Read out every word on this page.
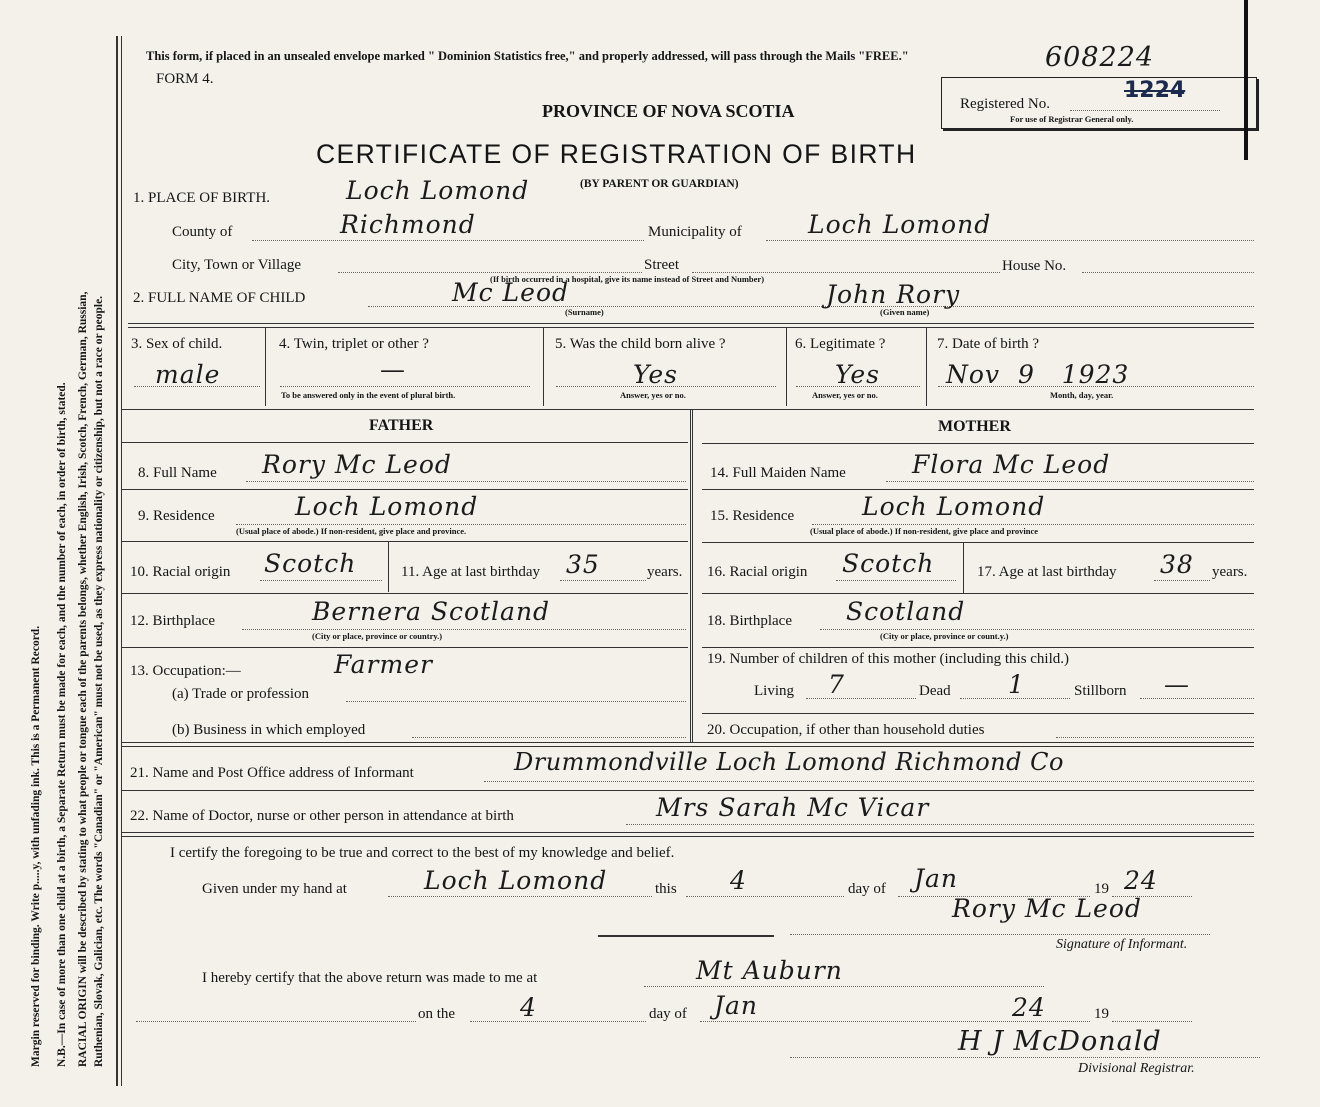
Margin reserved for binding. Write p.....y, with unfading ink. This is a Permanent Record.	N.B.—In case of more than one child at a birth, a Separate Return must be made for each, and the number of each, in order of birth, stated. RACIAL ORIGIN will be described by stating to what people or tongue each of the parents belongs, whether English, Irish, Scotch, French, German, Russian, Ruthenian, Slovak, Galician, etc. The words "Canadian" or "American" must not be used, as they express nationality or citizenship, but not a race or people.
This form, if placed in an unsealed envelope marked " Dominion Statistics free," and properly addressed, will pass through the Mails "FREE."	608224
FORM 4.
PROVINCE OF NOVA SCOTIA	Registered No.
1224
For use of Registrar General only.
CERTIFICATE OF REGISTRATION OF BIRTH
1. PLACE OF BIRTH.	Loch Lomond	(BY PARENT OR GUARDIAN)
County of	Richmond	Municipality of	Loch Lomond
City, Town or Village	Street	House No.
(If birth occurred in a hospital, give its name instead of Street and Number)
2. FULL NAME OF CHILD	Mc Leod
(Surname)
John Rory
(Given name)
3. Sex of child.
male
4. Twin, triplet or other ?
—
To be answered only in the event of plural birth.
5. Was the child born alive ?
Yes
Answer, yes or no.
6. Legitimate ?
Yes
Answer, yes or no.
7. Date of birth ?
Nov  9   1923
Month, day, year.
FATHER	MOTHER
8. Full Name Rory Mc Leod
9. Residence	Loch Lomond
(Usual place of abode.) If non-resident, give place and province.
10. Racial origin Scotch	11. Age at last birthday 35	years.
12. Birthplace	Bernera Scotland
(City or place, province or country.)
13. Occupation:—	Farmer
(a) Trade or profession
(b) Business in which employed
14. Full Maiden Name	Flora Mc Leod
15. Residence	Loch Lomond
(Usual place of abode.) If non-resident, give place and province
16. Racial origin Scotch	17. Age at last birthday 38 years.
18. Birthplace Scotland
(City or place, province or count.y.)
19. Number of children of this mother (including this child.)
Living 7	Dead 1	Stillborn —
20. Occupation, if other than household duties
21. Name and Post Office address of Informant	Drummondville Loch Lomond Richmond Co
22. Name of Doctor, nurse or other person in attendance at birth	Mrs Sarah Mc Vicar
I certify the foregoing to be true and correct to the best of my knowledge and belief.
Given under my hand at	Loch Lomond	this 4	day of Jan	19 24
Rory Mc Leod
Signature of Informant.
I hereby certify that the above return was made to me at	Mt Auburn
on the	4	day of Jan	19
24
H J McDonald
Divisional Registrar.
